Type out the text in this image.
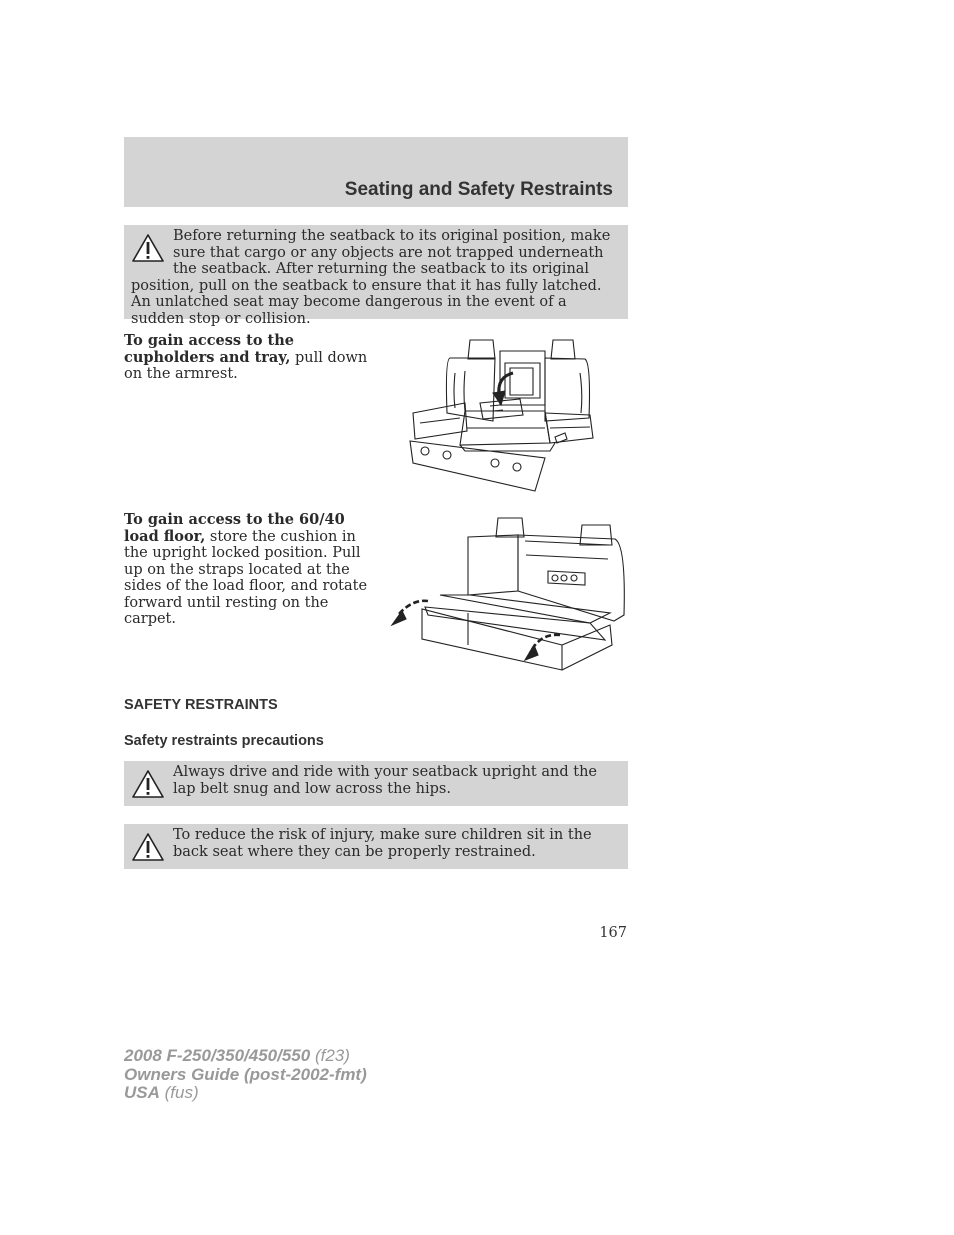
Seating and Safety Restraints
Before returning the seatback to its original position, make sure that cargo or any objects are not trapped underneath the seatback. After returning the seatback to its original position, pull on the seatback to ensure that it has fully latched. An unlatched seat may become dangerous in the event of a sudden stop or collision.
To gain access to the cupholders and tray, pull down on the armrest.
To gain access to the 60/40 load floor, store the cushion in the upright locked position. Pull up on the straps located at the sides of the load floor, and rotate forward until resting on the carpet.
SAFETY RESTRAINTS
Safety restraints precautions
Always drive and ride with your seatback upright and the lap belt snug and low across the hips.
To reduce the risk of injury, make sure children sit in the back seat where they can be properly restrained.
167
2008 F-250/350/450/550 (f23)
Owners Guide (post-2002-fmt)
USA (fus)
